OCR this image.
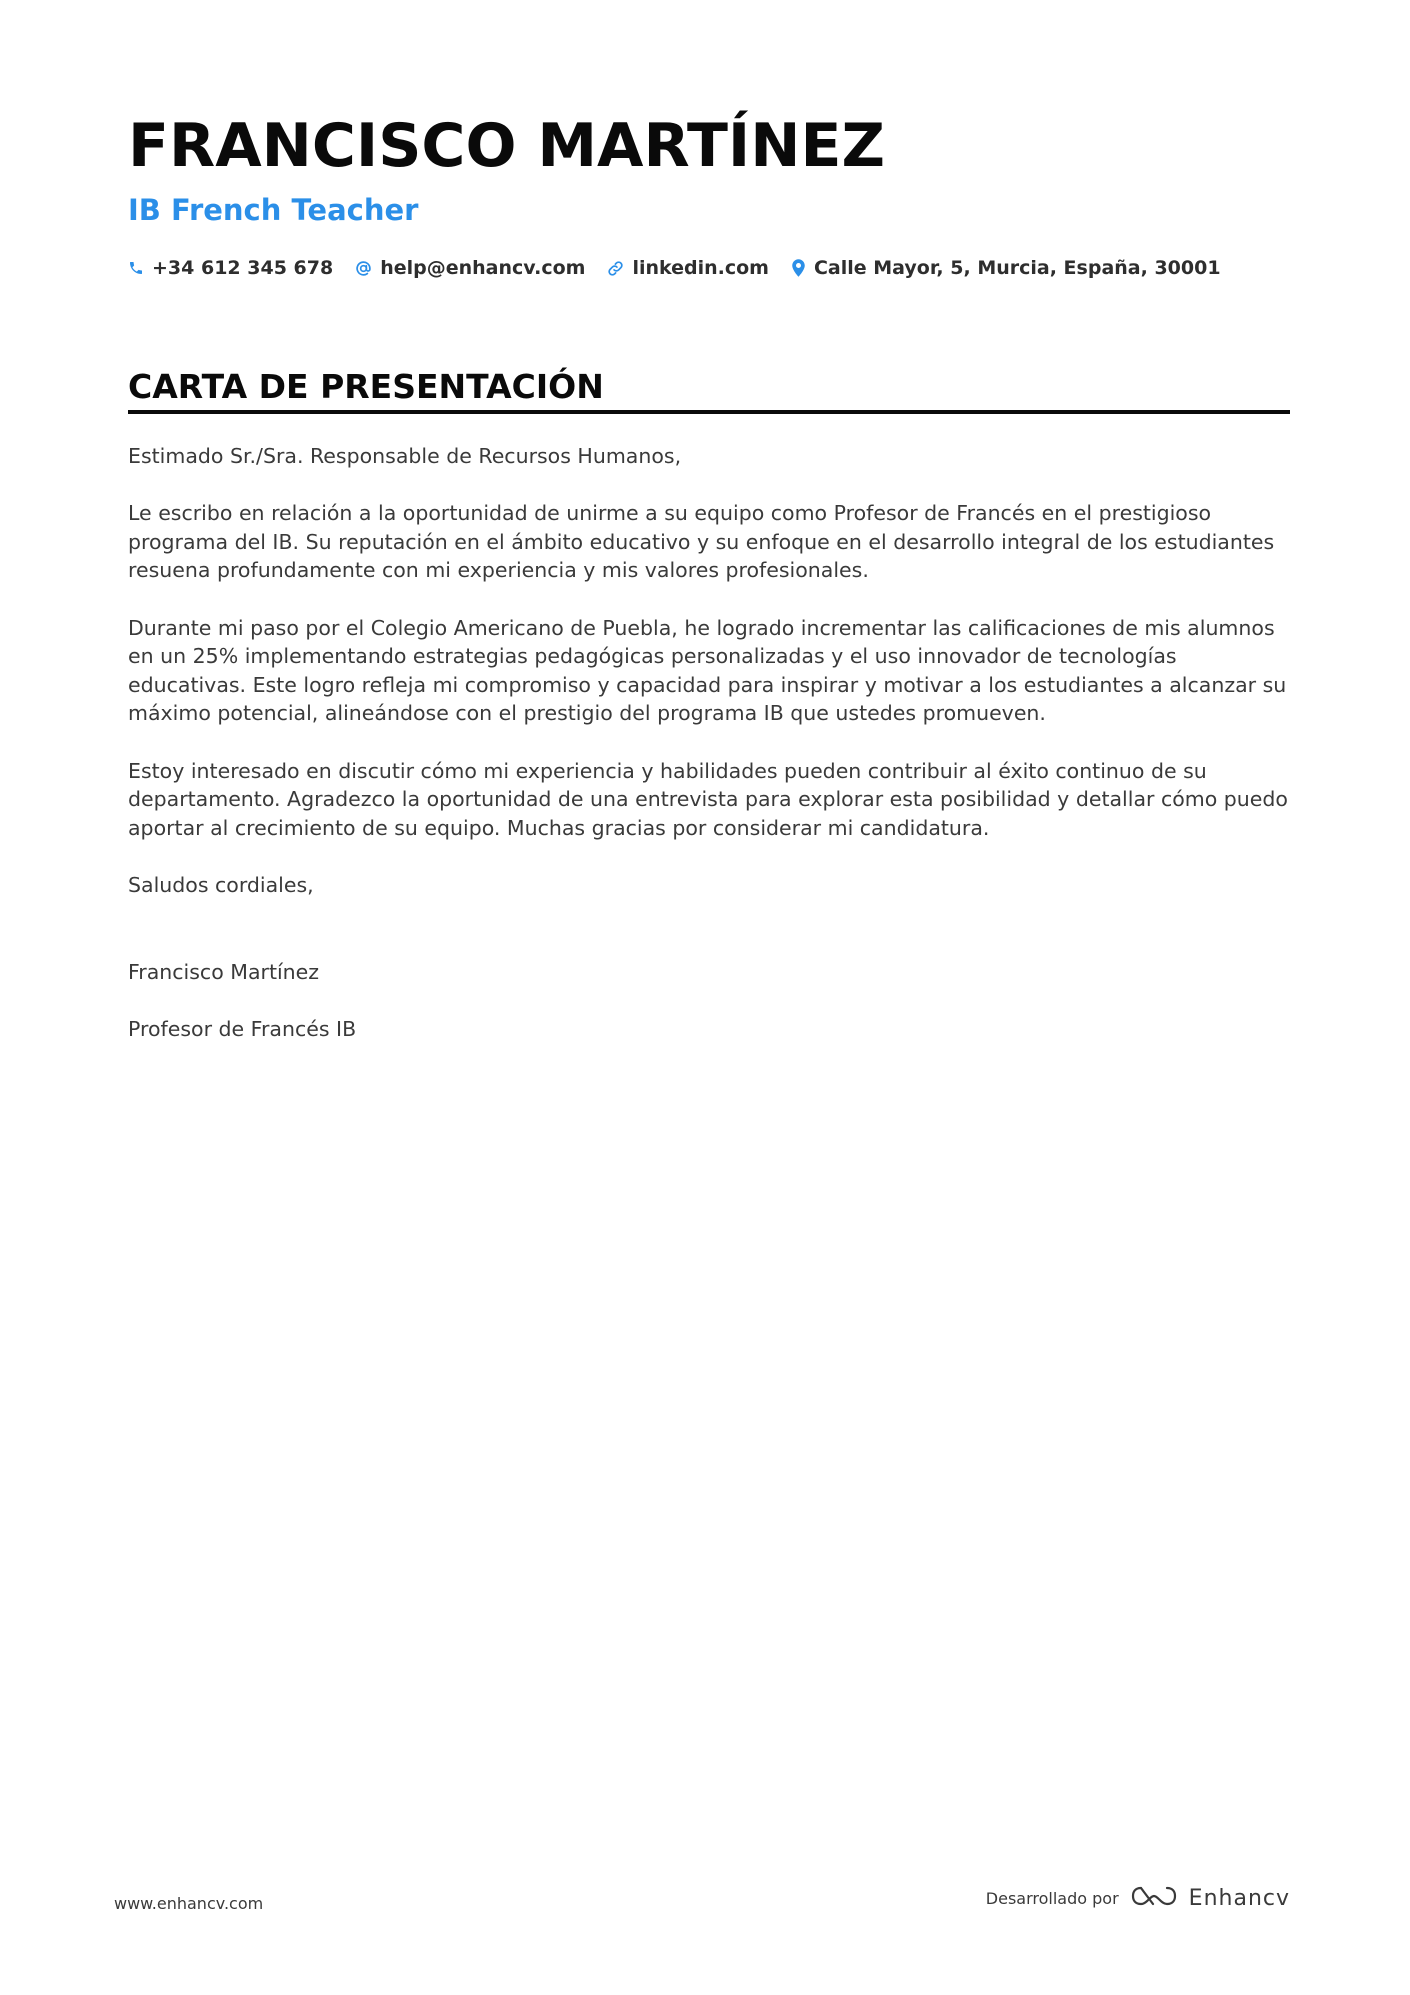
FRANCISCO MARTÍNEZ
IB French Teacher
+34 612 345 678 help@enhancv.com linkedin.com Calle Mayor, 5, Murcia, España, 30001
CARTA DE PRESENTACIÓN

Estimado Sr./Sra. Responsable de Recursos Humanos,

Le escribo en relación a la oportunidad de unirme a su equipo como Profesor de Francés en el prestigioso programa del IB. Su reputación en el ámbito educativo y su enfoque en el desarrollo integral de los estudiantes resuena profundamente con mi experiencia y mis valores profesionales.

Durante mi paso por el Colegio Americano de Puebla, he logrado incrementar las calificaciones de mis alumnos en un 25% implementando estrategias pedagógicas personalizadas y el uso innovador de tecnologías educativas. Este logro refleja mi compromiso y capacidad para inspirar y motivar a los estudiantes a alcanzar su máximo potencial, alineándose con el prestigio del programa IB que ustedes promueven.

Estoy interesado en discutir cómo mi experiencia y habilidades pueden contribuir al éxito continuo de su departamento. Agradezco la oportunidad de una entrevista para explorar esta posibilidad y detallar cómo puedo aportar al crecimiento de su equipo. Muchas gracias por considerar mi candidatura.

Saludos cordiales,

Francisco Martínez

Profesor de Francés IB

www.enhancv.com	Desarrollado por	Enhancv
